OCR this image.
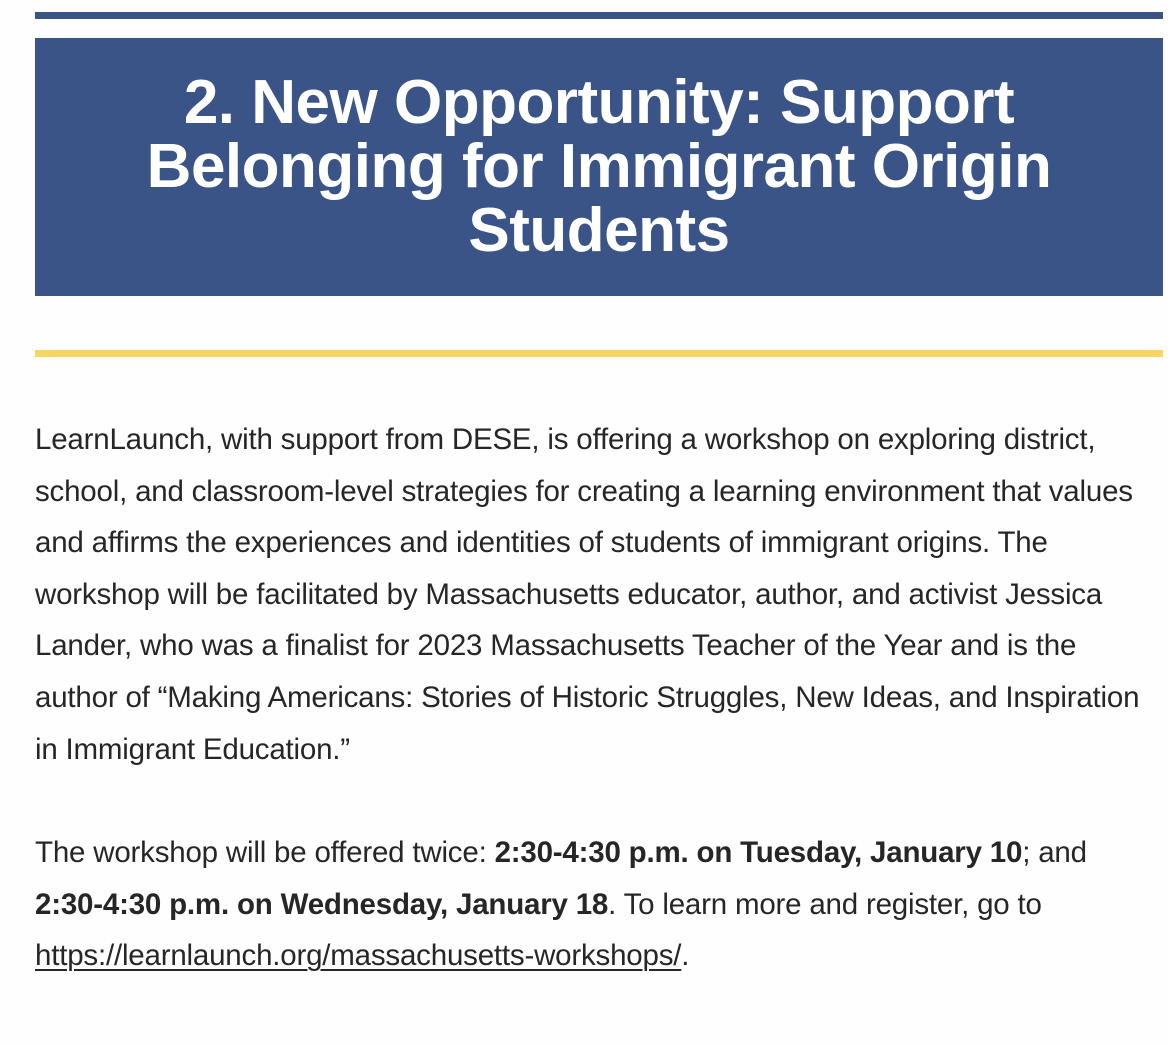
2. New Opportunity: Support Belonging for Immigrant Origin Students

LearnLaunch, with support from DESE, is offering a workshop on exploring district, school, and classroom-level strategies for creating a learning environment that values and affirms the experiences and identities of students of immigrant origins. The workshop will be facilitated by Massachusetts educator, author, and activist Jessica Lander, who was a finalist for 2023 Massachusetts Teacher of the Year and is the author of “Making Americans: Stories of Historic Struggles, New Ideas, and Inspiration in Immigrant Education.”

The workshop will be offered twice: 2:30-4:30 p.m. on Tuesday, January 10; and 2:30-4:30 p.m. on Wednesday, January 18. To learn more and register, go to https://learnlaunch.org/massachusetts-workshops/.
